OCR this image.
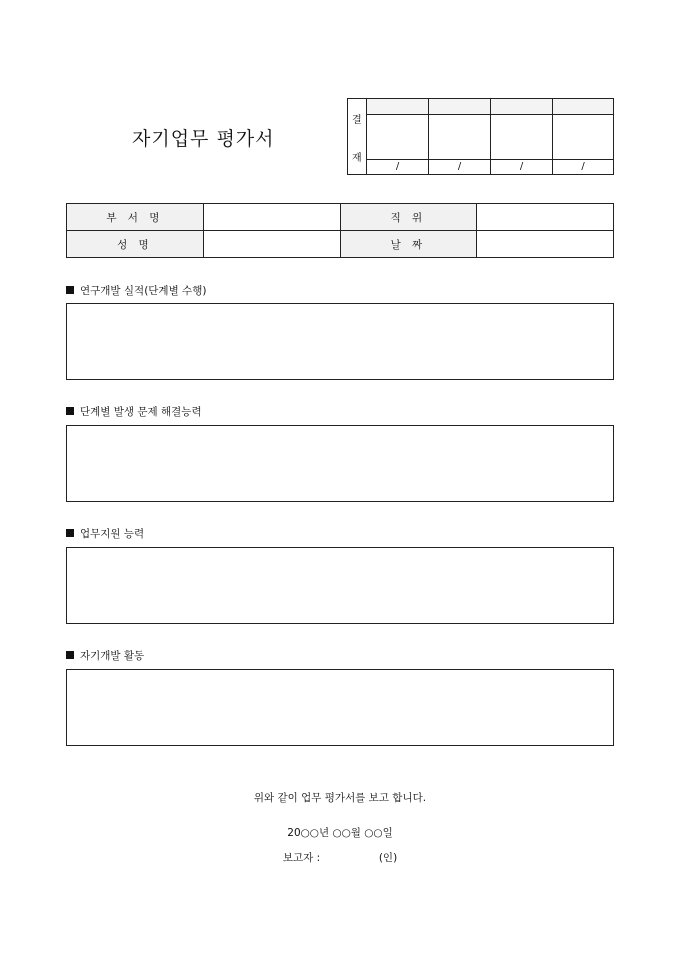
자기업무 평가서
결
재
/	/	/	/
부 서 명		직 위	
성 명		날 짜	
연구개발 실적(단계별 수행)
단계별 발생 문제 해결능력
업무지원 능력
자기개발 활동
위와 같이 업무 평가서를 보고 합니다.
20○○년 ○○월 ○○일
보고자 :	(인)
